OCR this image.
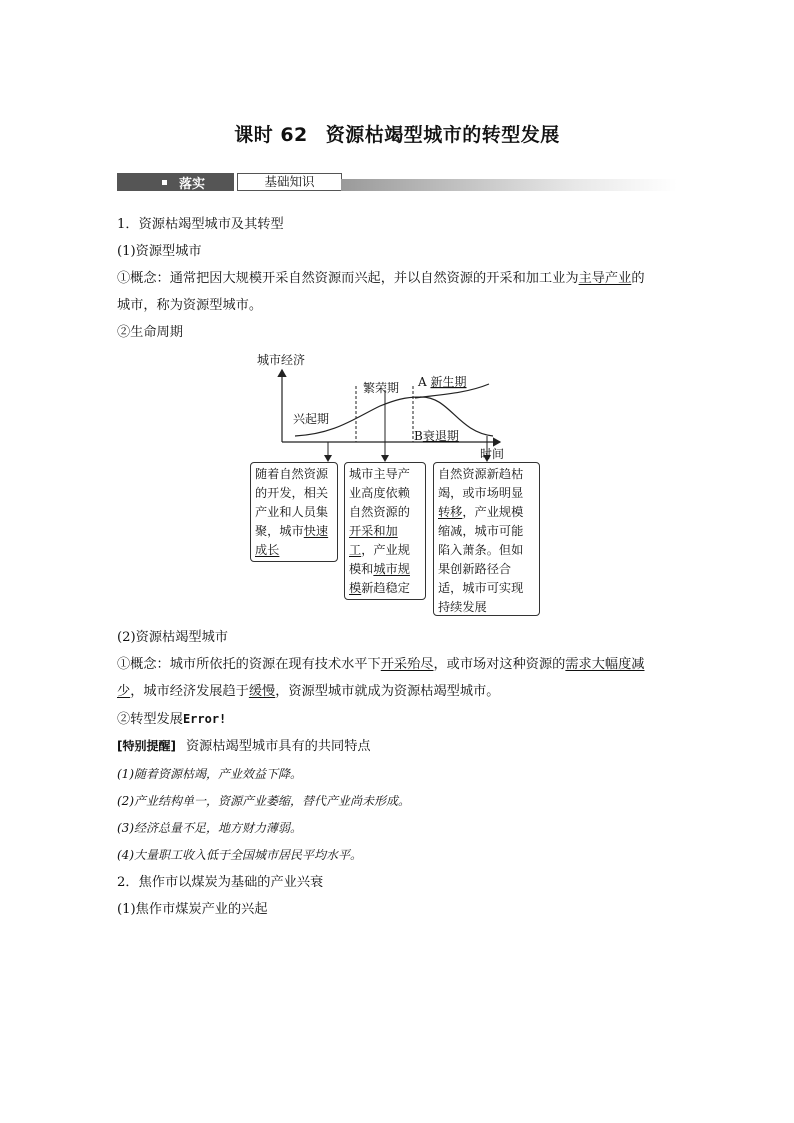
课时 62 资源枯竭型城市的转型发展
落实	基础知识
1．资源枯竭型城市及其转型
(1)资源型城市
①概念：通常把因大规模开采自然资源而兴起，并以自然资源的开采和加工业为主导产业的
城市，称为资源型城市。
②生命周期
城市经济
时间
兴起期
繁荣期 A 新生期
B衰退期
随着自然资源的开发，相关产业和人员集聚，城市快速成长
城市主导产业高度依赖自然资源的开采和加工，产业规模和城市规模新趋稳定
自然资源新趋枯竭，或市场明显转移，产业规模缩减，城市可能陷入萧条。但如果创新路径合适，城市可实现持续发展
(2)资源枯竭型城市
①概念：城市所依托的资源在现有技术水平下开采殆尽，或市场对这种资源的需求大幅度减
少，城市经济发展趋于缓慢，资源型城市就成为资源枯竭型城市。
②转型发展Error!
[特别提醒] 资源枯竭型城市具有的共同特点
(1)随着资源枯竭，产业效益下降。
(2)产业结构单一，资源产业萎缩，替代产业尚未形成。
(3)经济总量不足，地方财力薄弱。
(4)大量职工收入低于全国城市居民平均水平。
2．焦作市以煤炭为基础的产业兴衰
(1)焦作市煤炭产业的兴起
